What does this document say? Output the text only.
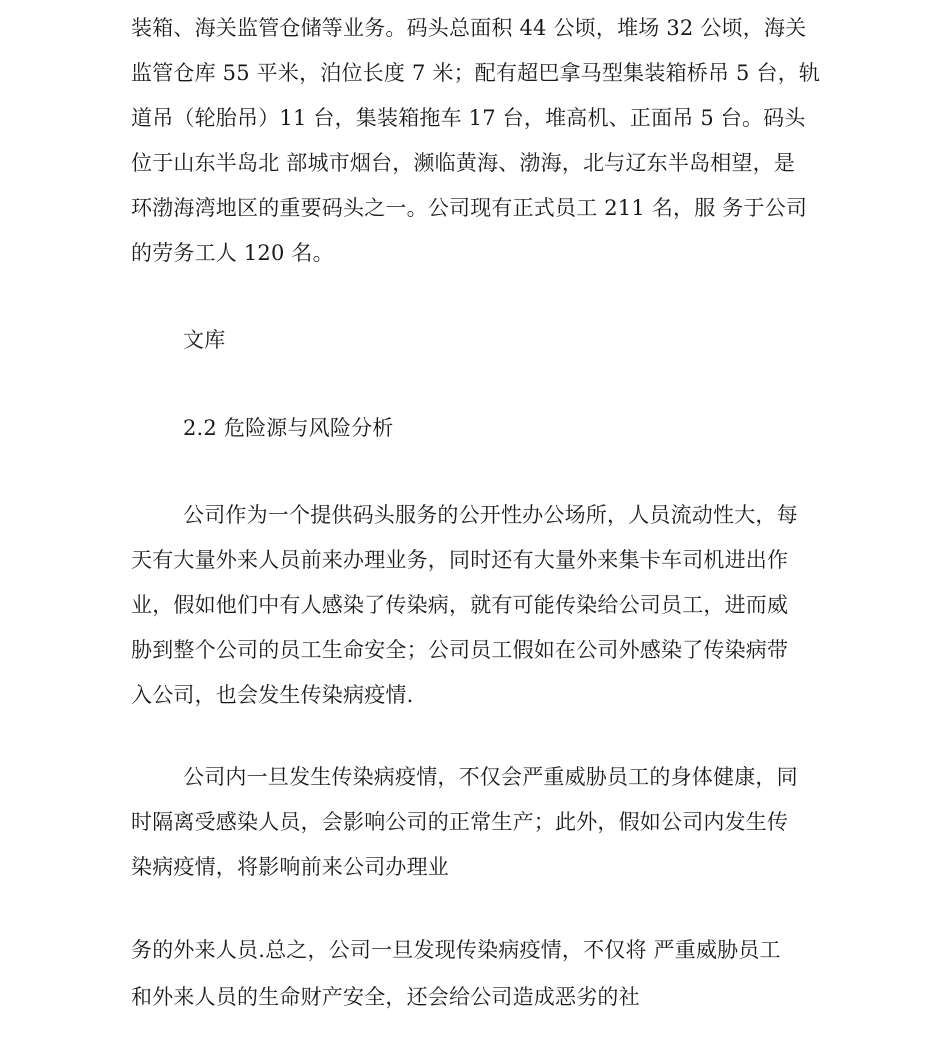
装箱、海关监管仓储等业务。码头总面积 44 公顷，堆场 32 公顷，海关
监管仓库 55 平米，泊位长度 7 米；配有超巴拿马型集装箱桥吊 5 台，轨
道吊（轮胎吊）11 台，集装箱拖车 17 台，堆高机、正面吊 5 台。码头
位于山东半岛北 部城市烟台，濒临黄海、渤海，北与辽东半岛相望，是
环渤海湾地区的重要码头之一。公司现有正式员工 211 名，服 务于公司
的劳务工人 120 名。
文库
2.2 危险源与风险分析
公司作为一个提供码头服务的公开性办公场所，人员流动性大，每
天有大量外来人员前来办理业务，同时还有大量外来集卡车司机进出作
业，假如他们中有人感染了传染病，就有可能传染给公司员工，进而威
胁到整个公司的员工生命安全；公司员工假如在公司外感染了传染病带
入公司，也会发生传染病疫情.
公司内一旦发生传染病疫情，不仅会严重威胁员工的身体健康，同
时隔离受感染人员，会影响公司的正常生产；此外，假如公司内发生传
染病疫情，将影响前来公司办理业
务的外来人员.总之，公司一旦发现传染病疫情，不仅将 严重威胁员工
和外来人员的生命财产安全，还会给公司造成恶劣的社
